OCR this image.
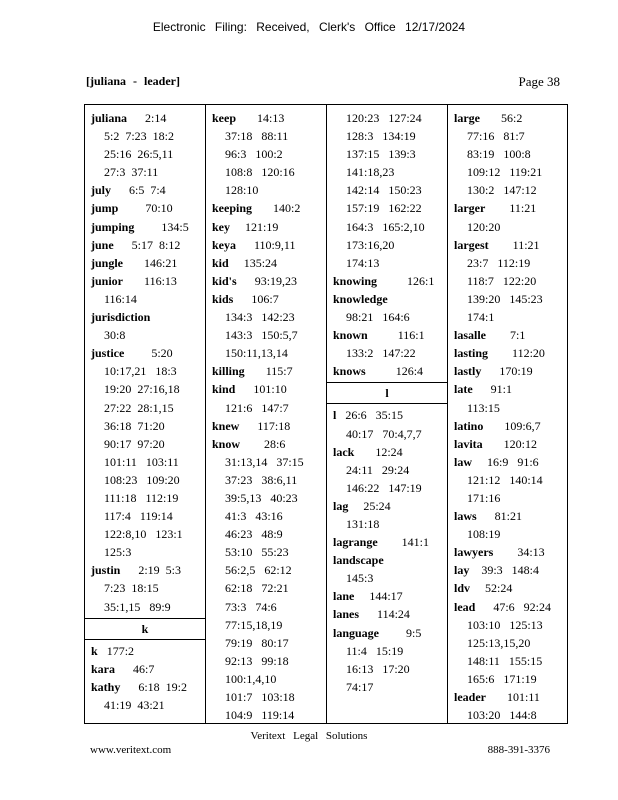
Electronic Filing: Received, Clerk's Office 12/17/2024
[juliana - leader]	Page 38
juliana      2:14
5:2  7:23  18:2
25:16  26:5,11
27:3  37:11
july      6:5  7:4
jump         70:10
jumping         134:5
june      5:17  8:12
jungle       146:21
junior       116:13
116:14
jurisdiction
30:8
justice         5:20
10:17,21   18:3
19:20  27:16,18
27:22  28:1,15
36:18  71:20
90:17  97:20
101:11   103:11
108:23   109:20
111:18   112:19
117:4   119:14
122:8,10   123:1
125:3
justin      2:19  5:3
7:23  18:15
35:1,15   89:9
k
k   177:2
kara      46:7
kathy      6:18  19:2
41:19  43:21
keep       14:13
37:18   88:11
96:3   100:2
108:8   120:16
128:10
keeping       140:2
key     121:19
keya      110:9,11
kid     135:24
kid's      93:19,23
kids      106:7
134:3   142:23
143:3   150:5,7
150:11,13,14
killing       115:7
kind      101:10
121:6   147:7
knew      117:18
know        28:6
31:13,14   37:15
37:23   38:6,11
39:5,13   40:23
41:3   43:16
46:23   48:9
53:10   55:23
56:2,5   62:12
62:18   72:21
73:3   74:6
77:15,18,19
79:19   80:17
92:13   99:18
100:1,4,10
101:7   103:18
104:9   119:14
120:23   127:24
128:3   134:19
137:15   139:3
141:18,23
142:14   150:23
157:19   162:22
164:3   165:2,10
173:16,20
174:13
knowing          126:1
knowledge
98:21   164:6
known          116:1
133:2   147:22
knows          126:4
l
l   26:6   35:15
40:17   70:4,7,7
lack       12:24
24:11   29:24
146:22   147:19
lag     25:24
131:18
lagrange        141:1
landscape
145:3
lane     144:17
lanes      114:24
language         9:5
11:4   15:19
16:13   17:20
74:17
large       56:2
77:16   81:7
83:19   100:8
109:12   119:21
130:2   147:12
larger        11:21
120:20
largest        11:21
23:7   112:19
118:7   122:20
139:20   145:23
174:1
lasalle        7:1
lasting        112:20
lastly      170:19
late      91:1
113:15
latino       109:6,7
lavita       120:12
law     16:9   91:6
121:12   140:14
171:16
laws      81:21
108:19
lawyers        34:13
lay    39:3   148:4
ldv     52:24
lead      47:6   92:24
103:10   125:13
125:13,15,20
148:11   155:15
165:6   171:19
leader       101:11
103:20   144:8
Veritext Legal Solutions
www.veritext.com	888-391-3376
